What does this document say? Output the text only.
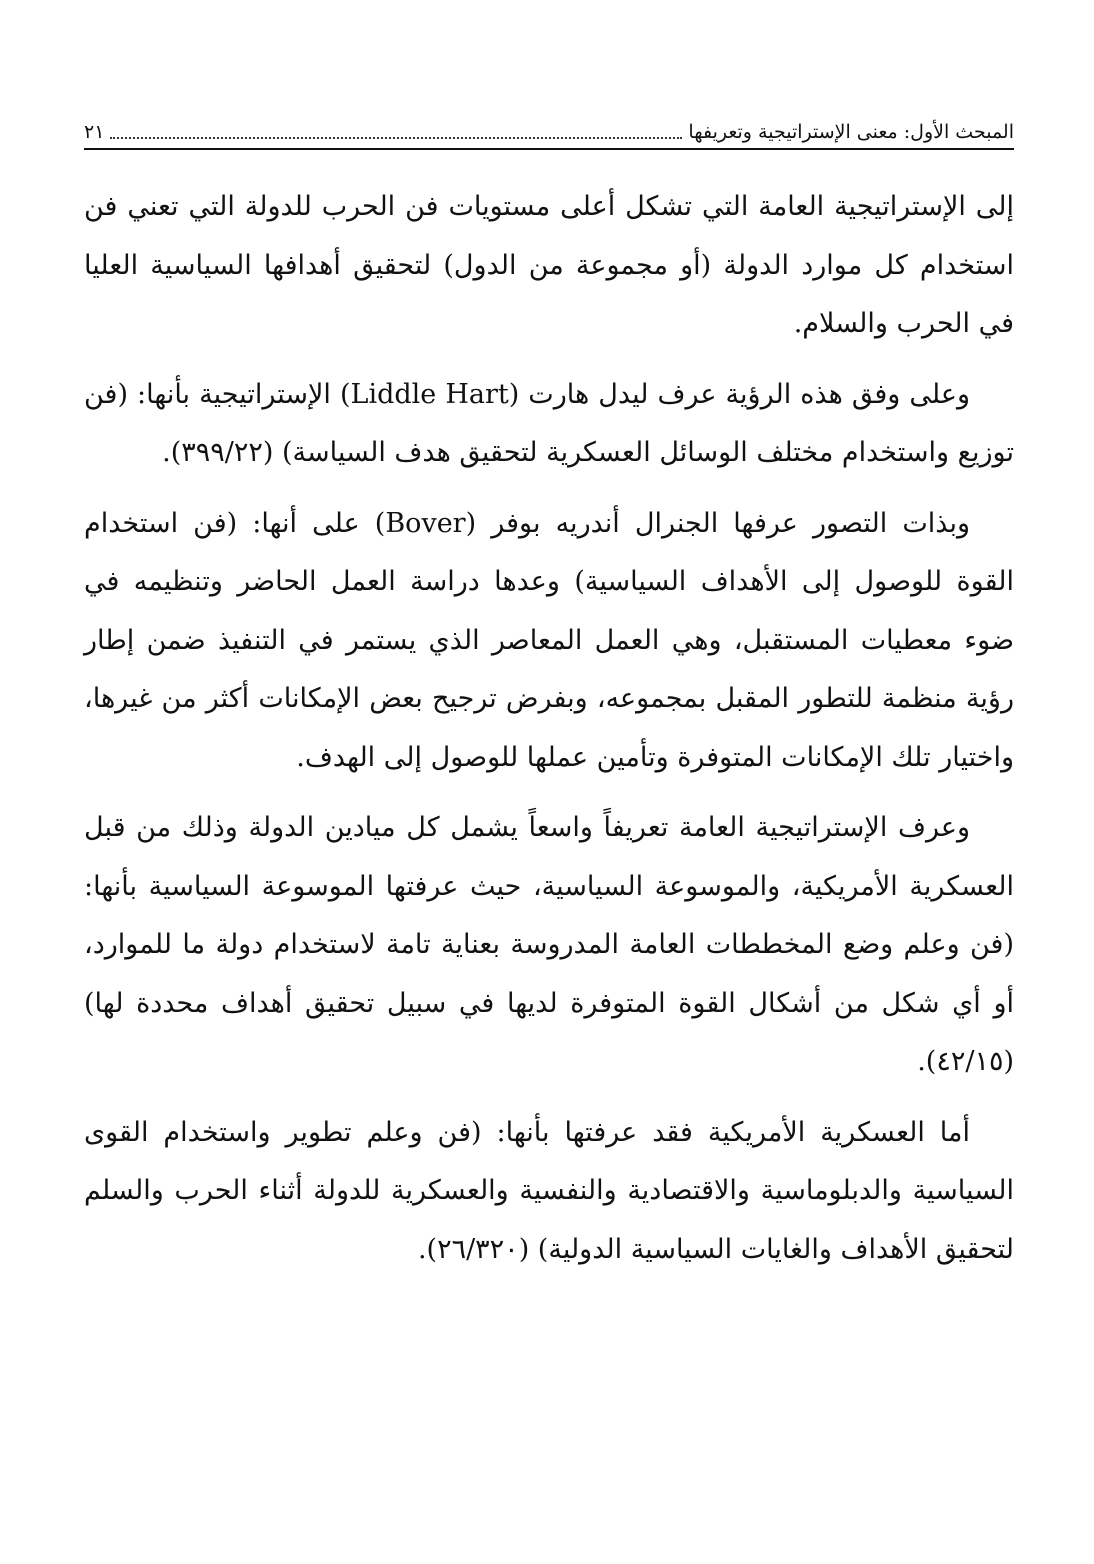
المبحث الأول: معنى الإستراتيجية وتعريفها
٢١

إلى الإستراتيجية العامة التي تشكل أعلى مستويات فن الحرب للدولة التي تعني فن استخدام كل موارد الدولة (أو مجموعة من الدول) لتحقيق أهدافها السياسية العليا في الحرب والسلام.

وعلى وفق هذه الرؤية عرف ليدل هارت (Liddle Hart) الإستراتيجية بأنها: (فن توزيع واستخدام مختلف الوسائل العسكرية لتحقيق هدف السياسة) (٣٩٩/٢٢).

وبذات التصور عرفها الجنرال أندريه بوفر (Bover) على أنها: (فن استخدام القوة للوصول إلى الأهداف السياسية) وعدها دراسة العمل الحاضر وتنظيمه في ضوء معطيات المستقبل، وهي العمل المعاصر الذي يستمر في التنفيذ ضمن إطار رؤية منظمة للتطور المقبل بمجموعه، وبفرض ترجيح بعض الإمكانات أكثر من غيرها، واختيار تلك الإمكانات المتوفرة وتأمين عملها للوصول إلى الهدف.

وعرف الإستراتيجية العامة تعريفاً واسعاً يشمل كل ميادين الدولة وذلك من قبل العسكرية الأمريكية، والموسوعة السياسية، حيث عرفتها الموسوعة السياسية بأنها: (فن وعلم وضع المخططات العامة المدروسة بعناية تامة لاستخدام دولة ما للموارد، أو أي شكل من أشكال القوة المتوفرة لديها في سبيل تحقيق أهداف محددة لها) (٤٢/١٥).

أما العسكرية الأمريكية فقد عرفتها بأنها: (فن وعلم تطوير واستخدام القوى السياسية والدبلوماسية والاقتصادية والنفسية والعسكرية للدولة أثناء الحرب والسلم لتحقيق الأهداف والغايات السياسية الدولية) (٢٦/٣٢٠).
